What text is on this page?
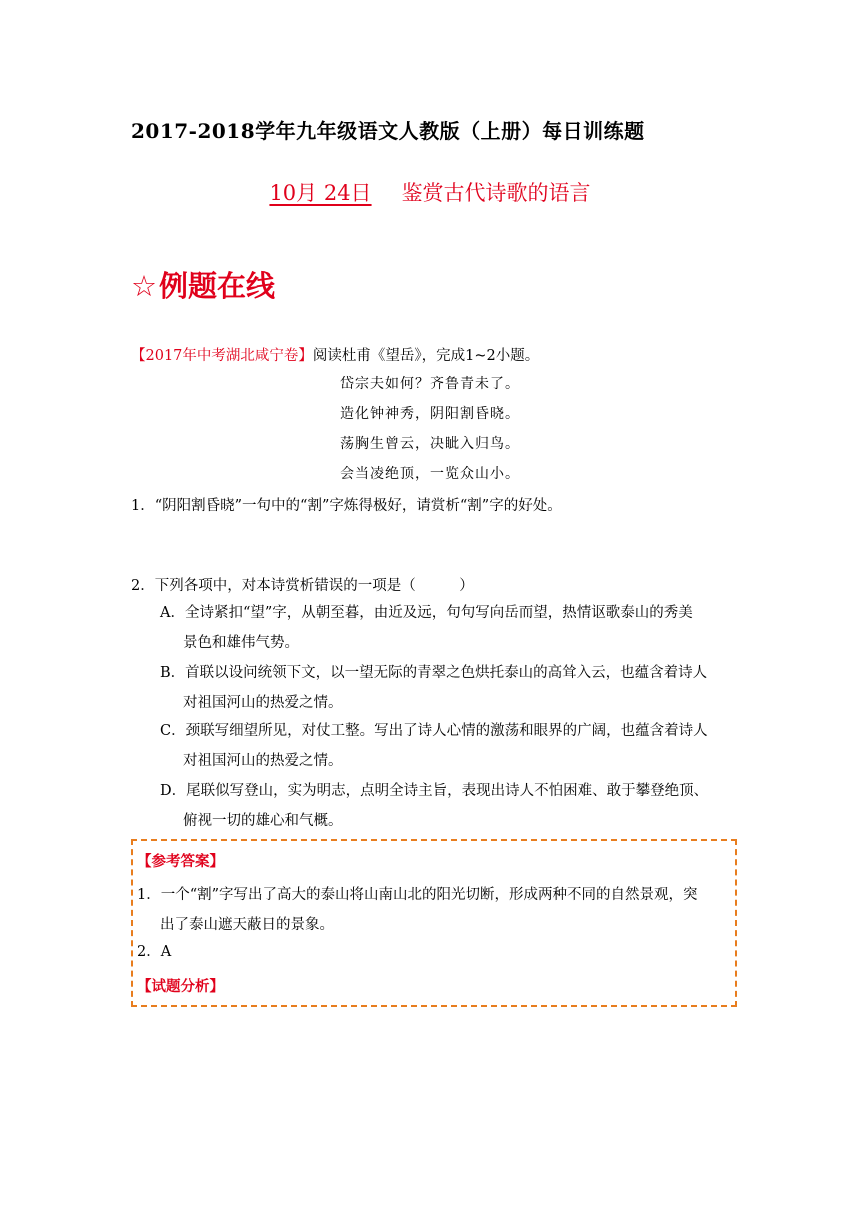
2017-2018学年九年级语文人教版（上册）每日训练题
10月 24日 鉴赏古代诗歌的语言
☆例题在线
【2017年中考湖北咸宁卷】阅读杜甫《望岳》，完成1~2小题。
岱宗夫如何？齐鲁青未了。
造化钟神秀，阴阳割昏晓。
荡胸生曾云，决眦入归鸟。
会当凌绝顶，一览众山小。
1．“阴阳割昏晓”一句中的“割”字炼得极好，请赏析“割”字的好处。
2．下列各项中，对本诗赏析错误的一项是（　　　）
A．全诗紧扣“望”字，从朝至暮，由近及远，句句写向岳而望，热情讴歌泰山的秀美
景色和雄伟气势。
B．首联以设问统领下文，以一望无际的青翠之色烘托泰山的高耸入云，也蕴含着诗人
对祖国河山的热爱之情。
C．颈联写细望所见，对仗工整。写出了诗人心情的激荡和眼界的广阔，也蕴含着诗人
对祖国河山的热爱之情。
D．尾联似写登山，实为明志，点明全诗主旨，表现出诗人不怕困难、敢于攀登绝顶、
俯视一切的雄心和气概。
【参考答案】
1．一个“割”字写出了高大的泰山将山南山北的阳光切断，形成两种不同的自然景观，突
出了泰山遮天蔽日的景象。
2．A
【试题分析】
